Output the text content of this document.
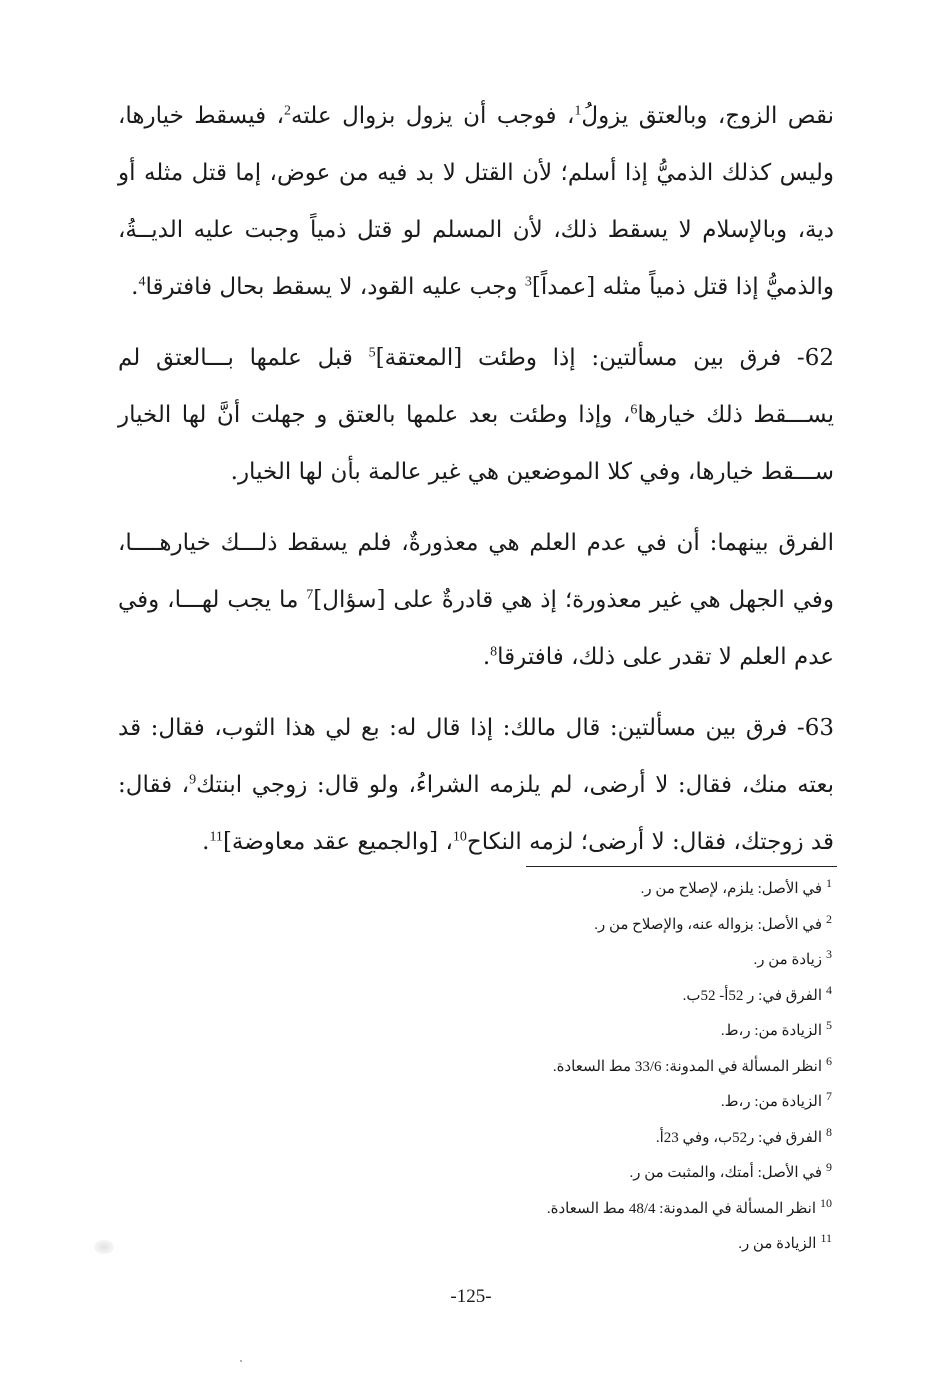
نقص الزوج، وبالعتق يزولُ$^1$، فوجب أن يزول بزوال علته$^2$، فيسقط خيارها، وليس كذلك الذميُّ إذا أسلم؛ لأن القتل لا بد فيه من عوض، إما قتل مثله أو دية، وبالإسلام لا يسقط ذلك، لأن المسلم لو قتل ذمياً وجبت عليه الديــةُ، والذميُّ إذا قتل ذمياً مثله [عمداً]$^3$ وجب عليه القود، لا يسقط بحال فافترقا$^4$.

62- فرق بين مسألتين: إذا وطئت [المعتقة]$^5$ قبل علمها بـــالعتق لم يســـقط ذلك خيارها$^6$، وإذا وطئت بعد علمها بالعتق و جهلت أنَّ لها الخيار ســـقط خيارها، وفي كلا الموضعين هي غير عالمة بأن لها الخيار.

الفرق بينهما: أن في عدم العلم هي معذورةٌ، فلم يسقط ذلـــك خيارهــــا، وفي الجهل هي غير معذورة؛ إذ هي قادرةٌ على [سؤال]$^7$ ما يجب لهـــا، وفي عدم العلم لا تقدر على ذلك، فافترقا$^8$.

63- فرق بين مسألتين: قال مالك: إذا قال له: بع لي هذا الثوب، فقال: قد بعته منك، فقال: لا أرضى، لم يلزمه الشراءُ، ولو قال: زوجي ابنتك$^9$، فقال: قد زوجتك، فقال: لا أرضى؛ لزمه النكاح$^{10}$، [والجميع عقد معاوضة]$^{11}$.

$^1$في الأصل: يلزم، لإصلاح من ر.
$^2$في الأصل: بزواله عنه، والإصلاح من ر.
$^3$زيادة من ر.
$^4$الفرق في: ر 52أ- 52ب.
$^5$الزيادة من: ر،ط.
$^6$انظر المسألة في المدونة: 33/6 مط السعادة.
$^7$الزيادة من: ر،ط.
$^8$الفرق في: ر52ب، وفي 23أ.
$^9$في الأصل: أمتك، والمثبت من ر.
$^{10}$انظر المسألة في المدونة: 48/4 مط السعادة.
$^{11}$الزيادة من ر.
-125-
